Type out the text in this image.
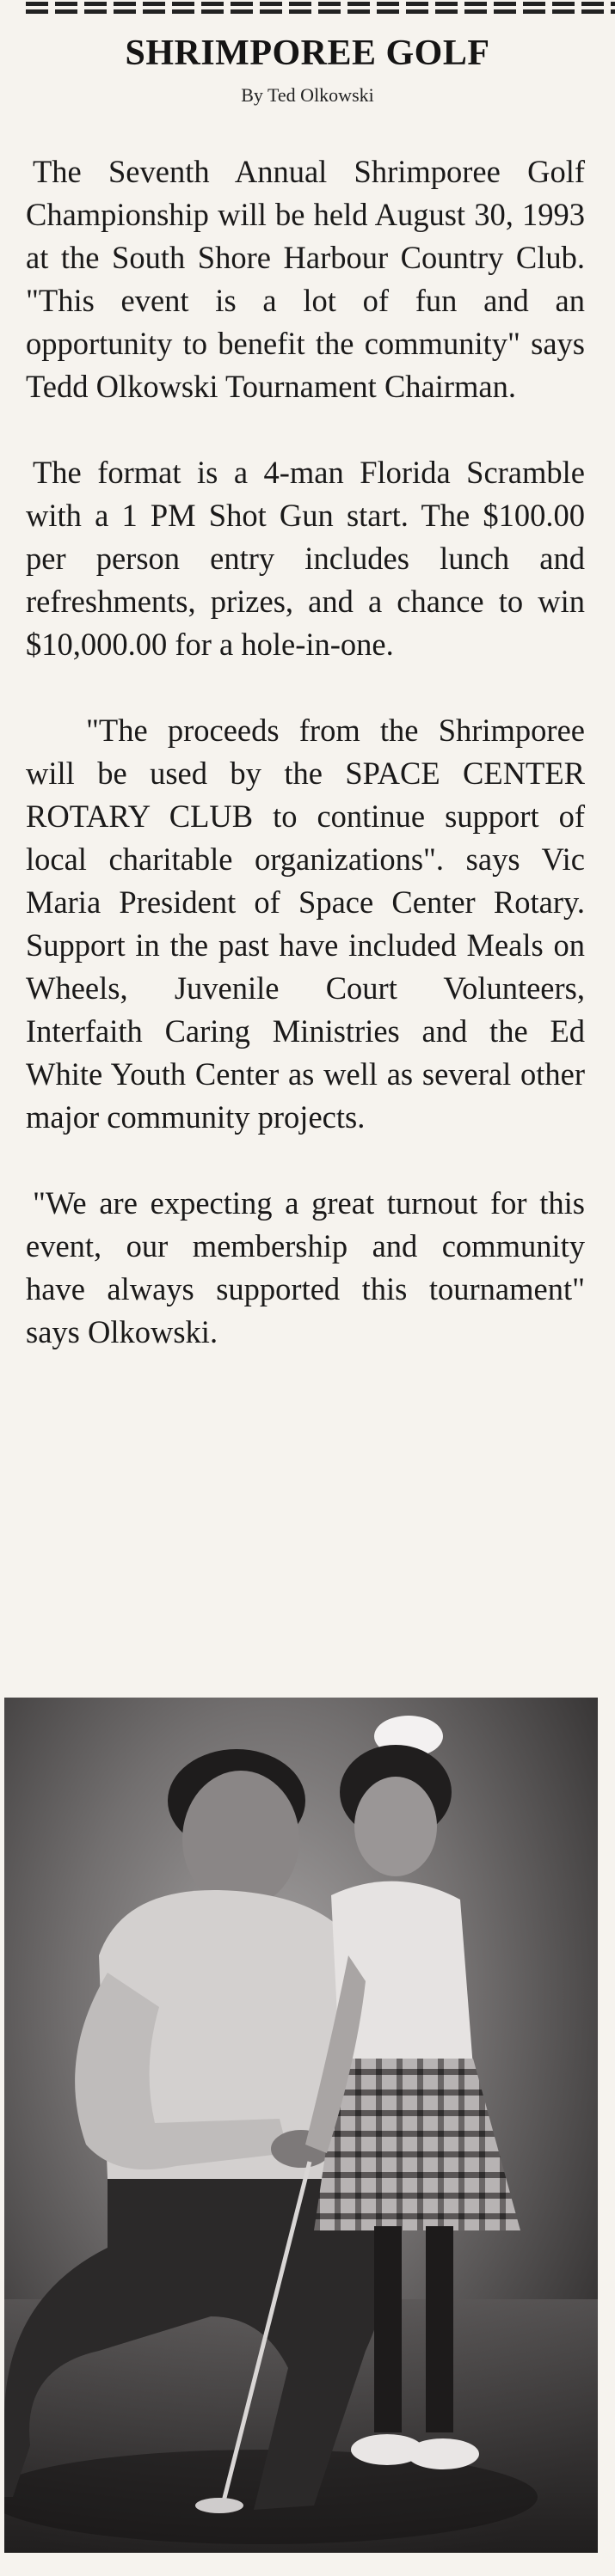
SHRIMPOREE GOLF
By Ted Olkowski

The Seventh Annual Shrimporee Golf Championship will be held August 30, 1993 at the South Shore Harbour Country Club. "This event is a lot of fun and an opportunity to benefit the community" says Tedd Olkowski Tournament Chairman.

The format is a 4-man Florida Scramble with a 1 PM Shot Gun start. The $100.00 per person entry includes lunch and refreshments, prizes, and a chance to win $10,000.00 for a hole-in-one.

"The proceeds from the Shrimporee will be used by the SPACE CENTER ROTARY CLUB to continue support of local charitable organizations". says Vic Maria President of Space Center Rotary. Support in the past have included Meals on Wheels, Juvenile Court Volunteers, Interfaith Caring Ministries and the Ed White Youth Center as well as several other major community projects.

"We are expecting a great turnout for this event, our membership and community have always supported this tournament" says Olkowski.
